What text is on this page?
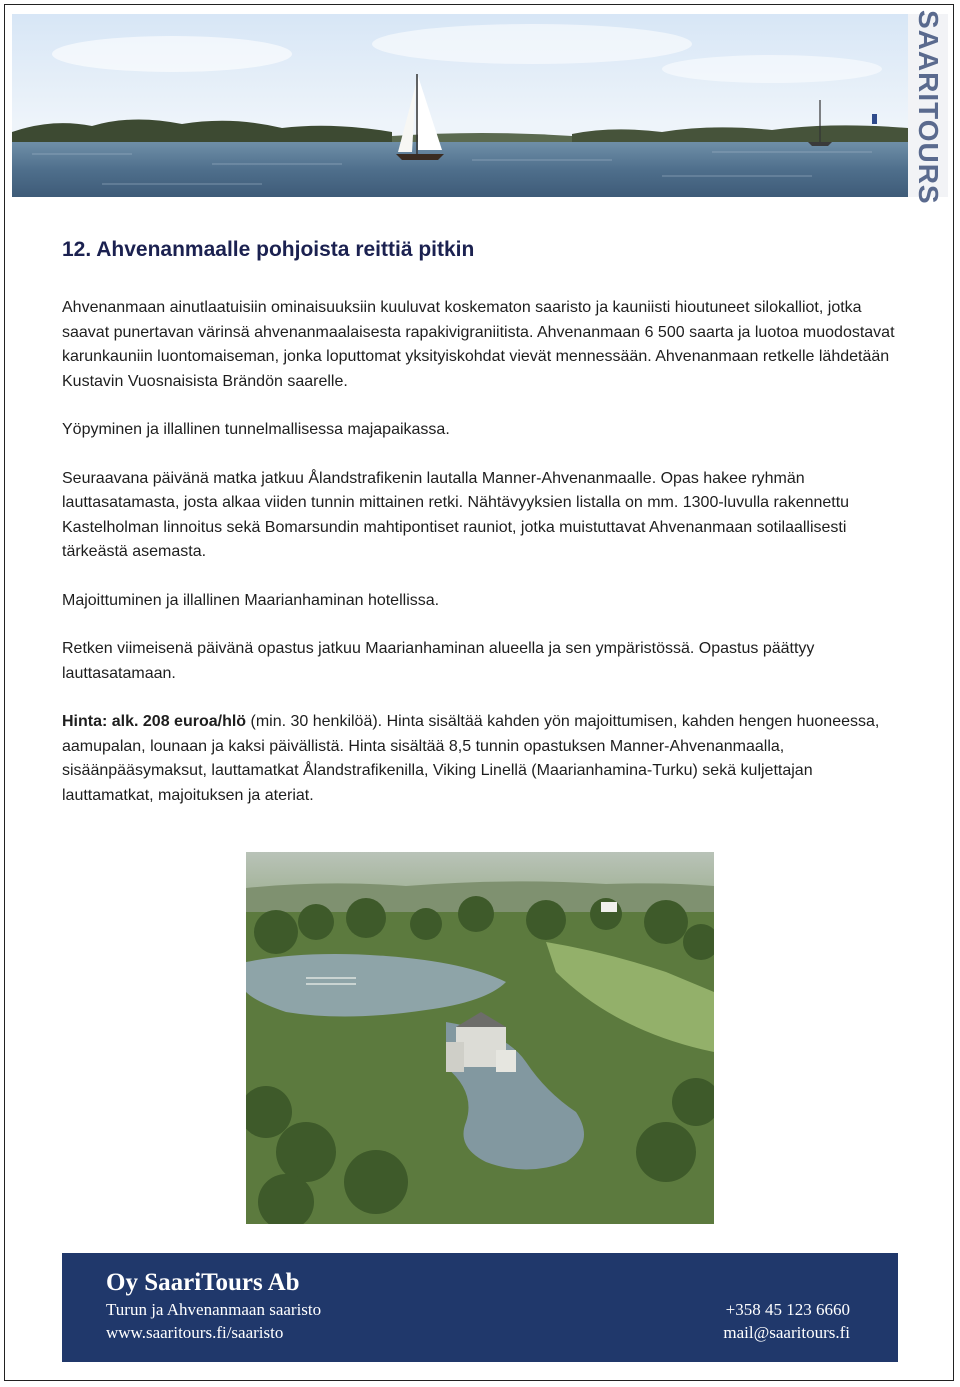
SAARITOURS
12. Ahvenanmaalle pohjoista reittiä pitkin

Ahvenanmaan ainutlaatuisiin ominaisuuksiin kuuluvat koskematon saaristo ja kauniisti hioutuneet silokalliot, jotka saavat punertavan värinsä ahvenanmaalaisesta rapakivigraniitista. Ahvenanmaan 6 500 saarta ja luotoa muodostavat karunkauniin luontomaiseman, jonka loputtomat yksityiskohdat vievät mennessään. Ahvenanmaan retkelle lähdetään Kustavin Vuosnaisista Brändön saarelle.

Yöpyminen ja illallinen tunnelmallisessa majapaikassa.

Seuraavana päivänä matka jatkuu Ålandstrafikenin lautalla Manner-Ahvenanmaalle. Opas hakee ryhmän lauttasatamasta, josta alkaa viiden tunnin mittainen retki. Nähtävyyksien listalla on mm. 1300-luvulla rakennettu Kastelholman linnoitus sekä Bomarsundin mahtipontiset rauniot, jotka muistuttavat Ahvenanmaan sotilaallisesti tärkeästä asemasta.

Majoittuminen ja illallinen Maarianhaminan hotellissa.

Retken viimeisenä päivänä opastus jatkuu Maarianhaminan alueella ja sen ympäristössä. Opastus päättyy lauttasatamaan.

Hinta: alk. 208 euroa/hlö (min. 30 henkilöä). Hinta sisältää kahden yön majoittumisen, kahden hengen huoneessa, aamupalan, lounaan ja kaksi päivällistä. Hinta sisältää 8,5 tunnin opastuksen Manner-Ahvenanmaalla, sisäänpääsymaksut, lauttamatkat Ålandstrafikenilla, Viking Linellä (Maarianhamina-Turku) sekä kuljettajan lauttamatkat, majoituksen ja ateriat.

Oy SaariTours Ab
Turun ja Ahvenanmaan saaristo
www.saaritours.fi/saaristo
+358 45 123 6660
mail@saaritours.fi
